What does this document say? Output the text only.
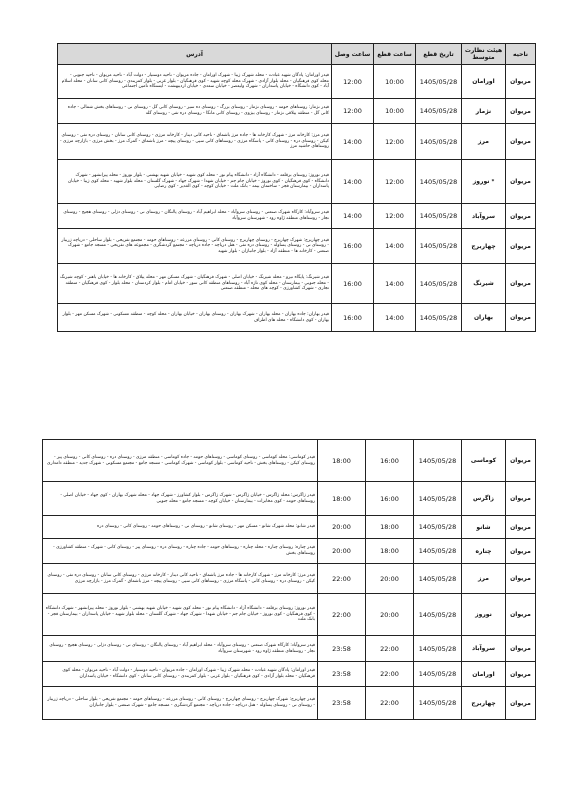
ناحیه	هیئت نظارت متوسط	تاریخ قطع	ساعت قطع	ساعت وصل	آدرس
مریوان	اورامان	1405/05/28	10:00	12:00	فیدر اورامان: پادگان شهید عبادت - محله شهرک زیبا - شهرک اورامان - جاده مریوان - ناحیه دوستیار - دولت آباد - ناحیه مریوان - ناحیه جنوبی - محله کوی فرهنگیان - محله بلوار آزادی - شهرک محله کوچه شهید - کوی فرهنگیان - بلوار غربی - بلوار کمربندی - روستای کانی سانان - محله اسلام آباد - کوی دانشگاه - خیابان پاسداران - شهرک ولیعصر - خیابان سعدی - خیابان اردیبهشت - ایستگاه تامین اجتماعی
مریوان	نژمار	1405/05/28	10:00	12:00	فیدر نژمار: روستاهای حومه - روستای نژمار - روستای بزرگ - روستای ده سیر - روستای کانی گل - روستای نی - روستاهای بخش شمالی - جاده کانی گل - منطقه ییلاقی نژمار - روستای بیژوی - روستای کانی مانگا - روستای دره تفی - روستای گله
مریوان	مرز	1405/05/28	12:00	14:00	فیدر مرز: کارخانه مرز - شهرک کارخانه ها - جاده مرز باشماق - ناحیه کانی دینار - کارخانه مرزی - روستای کانی سانان - روستای دره تفی - روستای کیکن - روستای دره - روستای کانی - پاسگاه مرزی - روستاهای کانی سپی - روستای پیچه - مرز باشماق - گمرک مرز - بخش مرزی - بازارچه مرزی - روستاهای حاشیه مرز
مریوان	* نوروز	1405/05/28	12:00	14:00	فیدر نوروز: روستای برقلعه - دانشگاه آزاد - دانشگاه پیام نور - محله کوی شهید - خیابان شهید بهشتی - بلوار نوروز - محله پیرانشهر - شهرک دانشگاه - کوی فرهنگیان - کوی نوروز - خیابان جام جم - خیابان شهدا - شهرک جهاد - شهرک گلستان - محله بلوار شهید - محله کوی زیبا - خیابان پاسداران - بیمارستان فجر - ساختمان بیمه - بانک ملت - خیابان کوچه - کوی الغدیر - کوی رضایی
مریوان	سروآباد	1405/05/28	12:00	14:00	فیدر سروآباد: کارگاه شهرک صنعتی - روستای سروآباد - محله ابراهیم آباد - روستای پالنگان - روستای نی - روستای دزلی - روستای هجیج - روستای نجار - روستاهای منطقه ژاوه رود - شهرستان سروآباد
مریوان	چهاربرج	1405/05/28	14:00	16:00	فیدر چهاربرج: شهرک چهاربرج - روستای چهاربرج - روستای کانی - روستای مزرعه - روستاهای حومه - مجتمع تفریحی - بلوار ساحلی - دریاچه زریبار - روستای نی - روستای یساوله - روستای دره تفی - هتل دریاچه - جاده دریاچه - مجتمع گردشگری - مجموعه های تفریحی - مسجد جامع - شهرک صنعتی - کارخانه ها - منطقه آزاد - بلوار جانبازان - بلوار شهید
مریوان	شیرنگ	1405/05/28	14:00	16:00	فیدر شیرنگ: پایگاه نیرو - محله شیرنگ - خیابان اصلی - شهرک فرهنگیان - شهرک مسکن مهر - محله ییلاق - کارخانه ها - خیابان باهنر - کوچه شیرنگ - محله جنوبی - بیمارستان - محله کوی تازه آباد - روستاهای منطقه کانی سور - خیابان امام - بلوار کردستان - محله بلوار - کوی فرهنگیان - منطقه تجاری - شهرک کشاورزی - کوچه های محله - منطقه صنعتی
مریوان	بهاران	1405/05/28	14:00	16:00	فیدر بهاران: جاده بهاران - محله بهاران - شهرک بهاران - روستای بهاران - خیابان بهاران - محله کوچه - منطقه مسکونی - شهرک مسکن مهر - بلوار بهاران - کوی دانشگاه - محله های اطراف
مریوان	کوماسی	1405/05/28	16:00	18:00	فیدر کوماسی: محله کوماسی - روستای کوماسی - روستاهای حومه - جاده کوماسی - منطقه مرزی - روستای دره - روستای کانی - روستای پیر - روستای کیکن - روستاهای بخش - ناحیه کوماسی - بلوار کوماسی - شهرک کوماسی - مسجد جامع - مجتمع مسکونی - شهرک جدید - منطقه دامداری
مریوان	زاگرس	1405/05/28	16:00	18:00	فیدر زاگرس: محله زاگرس - خیابان زاگرس - شهرک زاگرس - بلوار کشاورز - شهرک جهاد - محله شهرک بهاران - کوی جهاد - خیابان اصلی - روستاهای حومه - کوی مخابرات - بیمارستان - خیابان کوچه - مسجد جامع - محله جنوبی
مریوان	شانو	1405/05/28	18:00	20:00	فیدر شانو: محله شهرک شانو - مسکن مهر - روستای شانو - روستای نی - روستاهای حومه - روستای کانی - روستای دره
مریوان	چناره	1405/05/28	18:00	20:00	فیدر چناره: روستای چناره - محله چناره - روستاهای حومه - جاده چناره - روستای دره - روستای پیر - روستای کانی - شهرک - منطقه کشاورزی - روستاهای بخش
مریوان	مرز	1405/05/28	20:00	22:00	فیدر مرز: کارخانه مرز - شهرک کارخانه ها - جاده مرز باشماق - ناحیه کانی دینار - کارخانه مرزی - روستای کانی سانان - روستای دره تفی - روستای کیکن - روستای دره - روستای کانی - پاسگاه مرزی - روستاهای کانی سپی - روستای پیچه - مرز باشماق - گمرک مرز - بازارچه مرزی
مریوان	نوروز	1405/05/28	20:00	22:00	فیدر نوروز: روستای برقلعه - دانشگاه آزاد - دانشگاه پیام نور - محله کوی شهید - خیابان شهید بهشتی - بلوار نوروز - محله پیرانشهر - شهرک دانشگاه - کوی فرهنگیان - کوی نوروز - خیابان جام جم - خیابان شهدا - شهرک جهاد - شهرک گلستان - محله بلوار شهید - خیابان پاسداران - بیمارستان فجر - بانک ملت
مریوان	سروآباد	1405/05/28	22:00	23:58	فیدر سروآباد: کارگاه شهرک صنعتی - روستای سروآباد - محله ابراهیم آباد - روستای پالنگان - روستای نی - روستای دزلی - روستای هجیج - روستای نجار - روستاهای منطقه ژاوه رود - شهرستان سروآباد
مریوان	اورامان	1405/05/28	22:00	23:58	فیدر اورامان: پادگان شهید عبادت - محله شهرک زیبا - شهرک اورامان - جاده مریوان - ناحیه دوستیار - دولت آباد - ناحیه مریوان - محله کوی فرهنگیان - محله بلوار آزادی - کوی فرهنگیان - بلوار غربی - بلوار کمربندی - روستای کانی سانان - کوی دانشگاه - خیابان پاسداران
مریوان	چهاربرج	1405/05/28	22:00	23:58	فیدر چهاربرج: شهرک چهاربرج - روستای چهاربرج - روستای کانی - روستای مزرعه - روستاهای حومه - مجتمع تفریحی - بلوار ساحلی - دریاچه زریبار - روستای نی - روستای یساوله - هتل دریاچه - جاده دریاچه - مجتمع گردشگری - مسجد جامع - شهرک صنعتی - بلوار جانبازان
